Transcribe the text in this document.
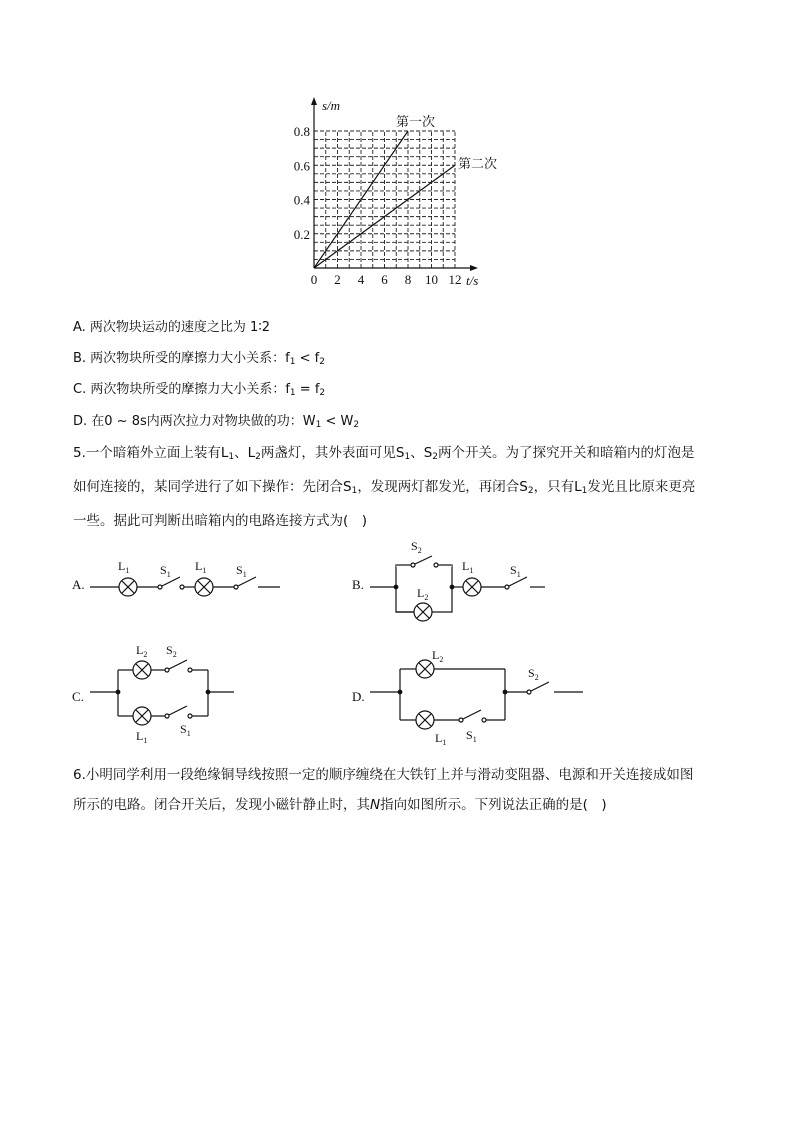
0 2 4 6 8 10 12
0.2
0.4
0.6
0.8
s/m
t/s
第一次
第二次
A. 两次物块运动的速度之比为 1∶2
B. 两次物块所受的摩擦力大小关系：$f_1 < f_2$
C. 两次物块所受的摩擦力大小关系：$f_1 = f_2$
D. 在0 ~ 8s内两次拉力对物块做的功：$W_1 < W_2$
5.一个暗箱外立面上装有$L_1$、$L_2$两盏灯，其外表面可见$S_1$、$S_2$两个开关。为了探究开关和暗箱内的灯泡是
如何连接的，某同学进行了如下操作：先闭合$S_1$，发现两灯都发光，再闭合$S_2$，只有$L_1$发光且比原来更亮
一些。据此可判断出暗箱内的电路连接方式为(　)
A.
$L_1$	$S_1$
$L_1$ $S_1$
B.
$S_2$
$L_2$
$L_1$	$S_1$
C.
$L_2$ $S_2$
$L_1$
$S_1$
D.
$L_2$
$L_1$
$S_1$
$S_2$
6.小明同学利用一段绝缘铜导线按照一定的顺序缠绕在大铁钉上并与滑动变阻器、电源和开关连接成如图
所示的电路。闭合开关后，发现小磁针静止时，其N指向如图所示。下列说法正确的是(　)
